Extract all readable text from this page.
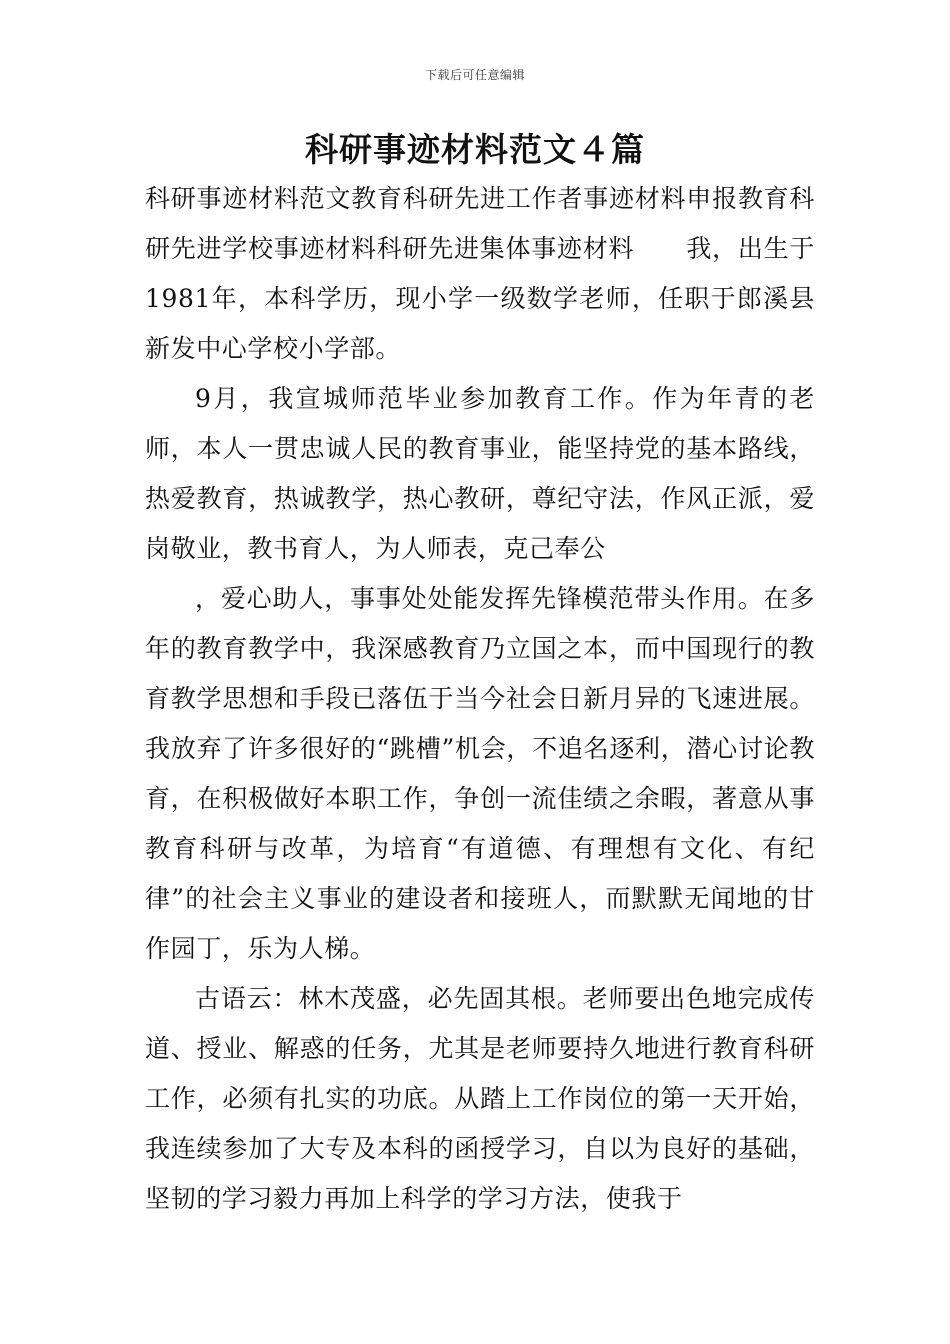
下载后可任意编辑
科研事迹材料范文４篇

科研事迹材料范文教育科研先进工作者事迹材料申报教育科研先进学校事迹材料科研先进集体事迹材料 我，出生于1981年，本科学历，现小学一级数学老师，任职于郎溪县新发中心学校小学部。

9月，我宣城师范毕业参加教育工作。作为年青的老师，本人一贯忠诚人民的教育事业，能坚持党的基本路线，热爱教育，热诚教学，热心教研，尊纪守法，作风正派，爱岗敬业，教书育人，为人师表，克己奉公

，爱心助人，事事处处能发挥先锋模范带头作用。在多年的教育教学中，我深感教育乃立国之本，而中国现行的教育教学思想和手段已落伍于当今社会日新月异的飞速进展。我放弃了许多很好的“跳槽”机会，不追名逐利，潜心讨论教育，在积极做好本职工作，争创一流佳绩之余暇，著意从事教育科研与改革，为培育“有道德、有理想有文化、有纪律”的社会主义事业的建设者和接班人，而默默无闻地的甘作园丁，乐为人梯。

古语云：林木茂盛，必先固其根。老师要出色地完成传道、授业、解惑的任务，尤其是老师要持久地进行教育科研工作，必须有扎实的功底。从踏上工作岗位的第一天开始，我连续参加了大专及本科的函授学习，自以为良好的基础，坚韧的学习毅力再加上科学的学习方法，使我于
